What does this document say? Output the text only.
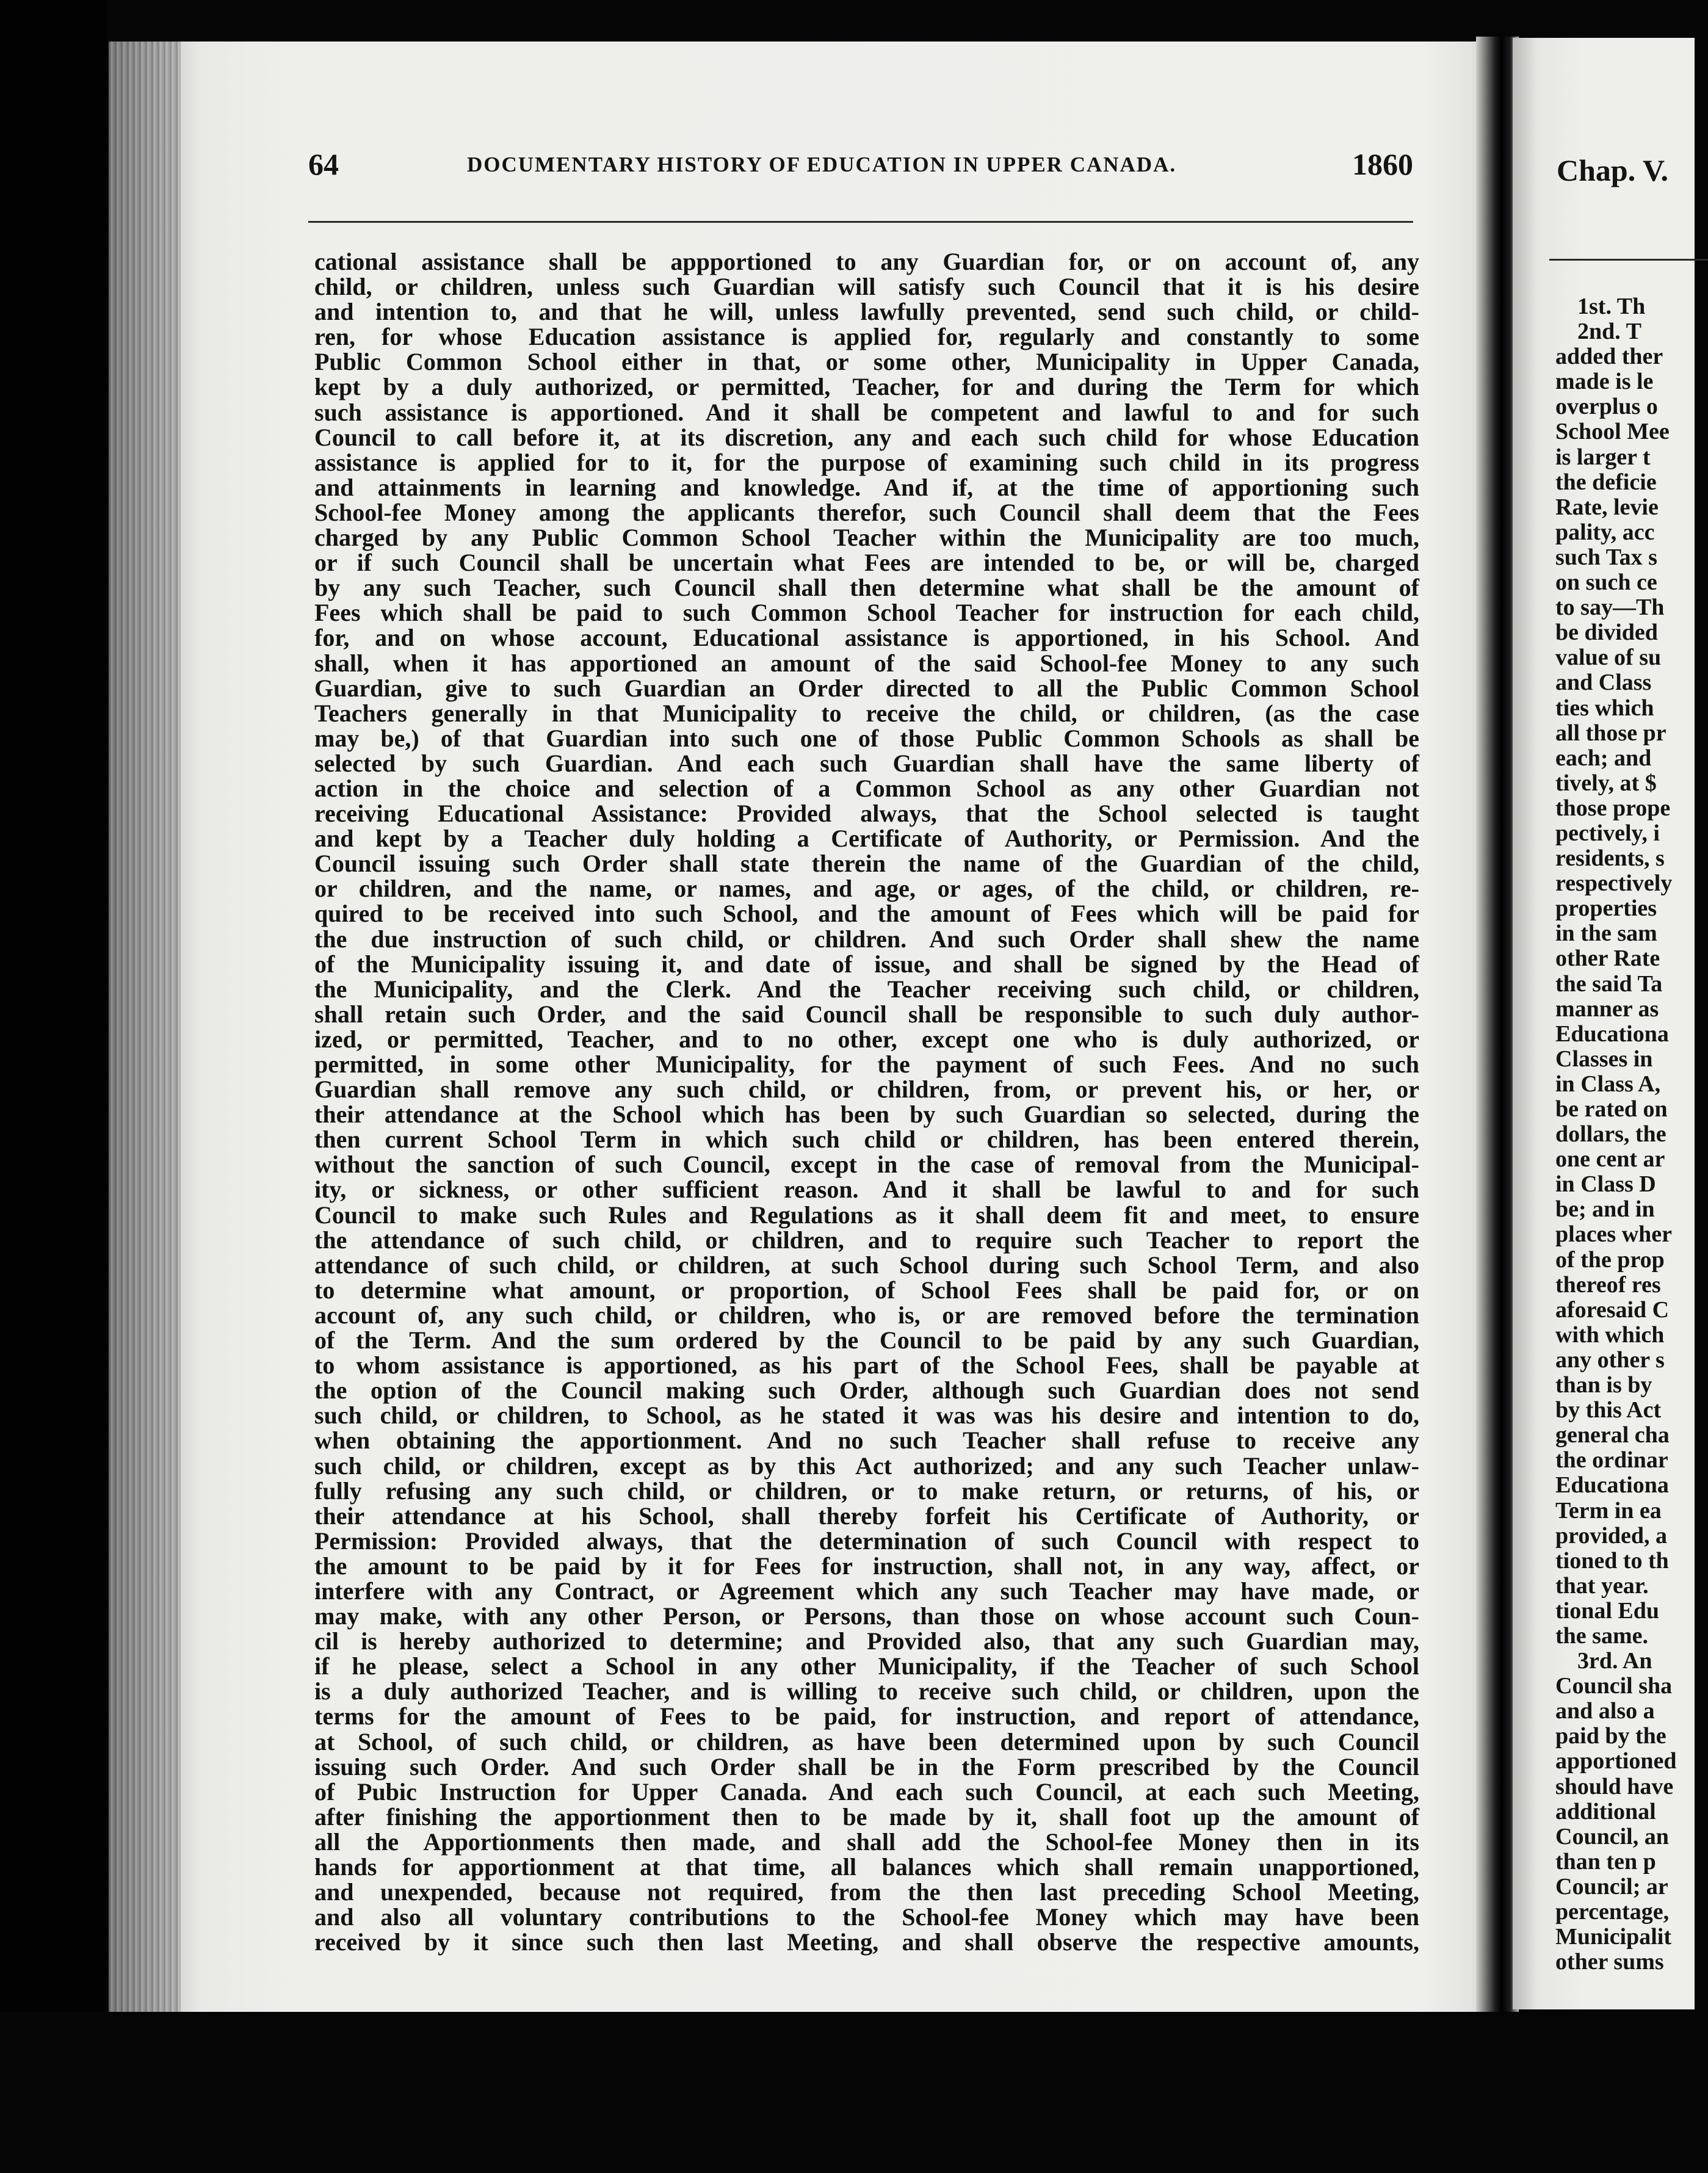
64	DOCUMENTARY HISTORY OF EDUCATION IN UPPER CANADA.	1860
cational assistance shall be appportioned to any Guardian for, or on account of, any
child, or children, unless such Guardian will satisfy such Council that it is his desire
and intention to, and that he will, unless lawfully prevented, send such child, or child-
ren, for whose Education assistance is applied for, regularly and constantly to some
Public Common School either in that, or some other, Municipality in Upper Canada,
kept by a duly authorized, or permitted, Teacher, for and during the Term for which
such assistance is apportioned. And it shall be competent and lawful to and for such
Council to call before it, at its discretion, any and each such child for whose Education
assistance is applied for to it, for the purpose of examining such child in its progress
and attainments in learning and knowledge. And if, at the time of apportioning such
School-fee Money among the applicants therefor, such Council shall deem that the Fees
charged by any Public Common School Teacher within the Municipality are too much,
or if such Council shall be uncertain what Fees are intended to be, or will be, charged
by any such Teacher, such Council shall then determine what shall be the amount of
Fees which shall be paid to such Common School Teacher for instruction for each child,
for, and on whose account, Educational assistance is apportioned, in his School. And
shall, when it has apportioned an amount of the said School-fee Money to any such
Guardian, give to such Guardian an Order directed to all the Public Common School
Teachers generally in that Municipality to receive the child, or children, (as the case
may be,) of that Guardian into such one of those Public Common Schools as shall be
selected by such Guardian. And each such Guardian shall have the same liberty of
action in the choice and selection of a Common School as any other Guardian not
receiving Educational Assistance: Provided always, that the School selected is taught
and kept by a Teacher duly holding a Certificate of Authority, or Permission. And the
Council issuing such Order shall state therein the name of the Guardian of the child,
or children, and the name, or names, and age, or ages, of the child, or children, re-
quired to be received into such School, and the amount of Fees which will be paid for
the due instruction of such child, or children. And such Order shall shew the name
of the Municipality issuing it, and date of issue, and shall be signed by the Head of
the Municipality, and the Clerk. And the Teacher receiving such child, or children,
shall retain such Order, and the said Council shall be responsible to such duly author-
ized, or permitted, Teacher, and to no other, except one who is duly authorized, or
permitted, in some other Municipality, for the payment of such Fees. And no such
Guardian shall remove any such child, or children, from, or prevent his, or her, or
their attendance at the School which has been by such Guardian so selected, during the
then current School Term in which such child or children, has been entered therein,
without the sanction of such Council, except in the case of removal from the Municipal-
ity, or sickness, or other sufficient reason. And it shall be lawful to and for such
Council to make such Rules and Regulations as it shall deem fit and meet, to ensure
the attendance of such child, or children, and to require such Teacher to report the
attendance of such child, or children, at such School during such School Term, and also
to determine what amount, or proportion, of School Fees shall be paid for, or on
account of, any such child, or children, who is, or are removed before the termination
of the Term. And the sum ordered by the Council to be paid by any such Guardian,
to whom assistance is apportioned, as his part of the School Fees, shall be payable at
the option of the Council making such Order, although such Guardian does not send
such child, or children, to School, as he stated it was was his desire and intention to do,
when obtaining the apportionment. And no such Teacher shall refuse to receive any
such child, or children, except as by this Act authorized; and any such Teacher unlaw-
fully refusing any such child, or children, or to make return, or returns, of his, or
their attendance at his School, shall thereby forfeit his Certificate of Authority, or
Permission: Provided always, that the determination of such Council with respect to
the amount to be paid by it for Fees for instruction, shall not, in any way, affect, or
interfere with any Contract, or Agreement which any such Teacher may have made, or
may make, with any other Person, or Persons, than those on whose account such Coun-
cil is hereby authorized to determine; and Provided also, that any such Guardian may,
if he please, select a School in any other Municipality, if the Teacher of such School
is a duly authorized Teacher, and is willing to receive such child, or children, upon the
terms for the amount of Fees to be paid, for instruction, and report of attendance,
at School, of such child, or children, as have been determined upon by such Council
issuing such Order. And such Order shall be in the Form prescribed by the Council
of Pubic Instruction for Upper Canada. And each such Council, at each such Meeting,
after finishing the apportionment then to be made by it, shall foot up the amount of
all the Apportionments then made, and shall add the School-fee Money then in its
hands for apportionment at that time, all balances which shall remain unapportioned,
and unexpended, because not required, from the then last preceding School Meeting,
and also all voluntary contributions to the School-fee Money which may have been
received by it since such then last Meeting, and shall observe the respective amounts,
Chap. V.
1st. Th
2nd. T
added ther
made is le
overplus o
School Mee
is larger t
the deficie
Rate, levie
pality, acc
such Tax s
on such ce
to say—Th
be divided
value of su
and Class
ties which
all those pr
each; and
tively, at $
those prope
pectively, i
residents, s
respectively
properties
in the sam
other Rate
the said Ta
manner as
Educationa
Classes in
in Class A,
be rated on
dollars, the
one cent ar
in Class D
be; and in
places wher
of the prop
thereof res
aforesaid C
with which
any other s
than is by
by this Act
general cha
the ordinar
Educationa
Term in ea
provided, a
tioned to th
that year.
tional Edu
the same.
3rd. An
Council sha
and also a
paid by the
apportioned
should have
additional
Council, an
than ten p
Council; ar
percentage,
Municipalit
other sums
